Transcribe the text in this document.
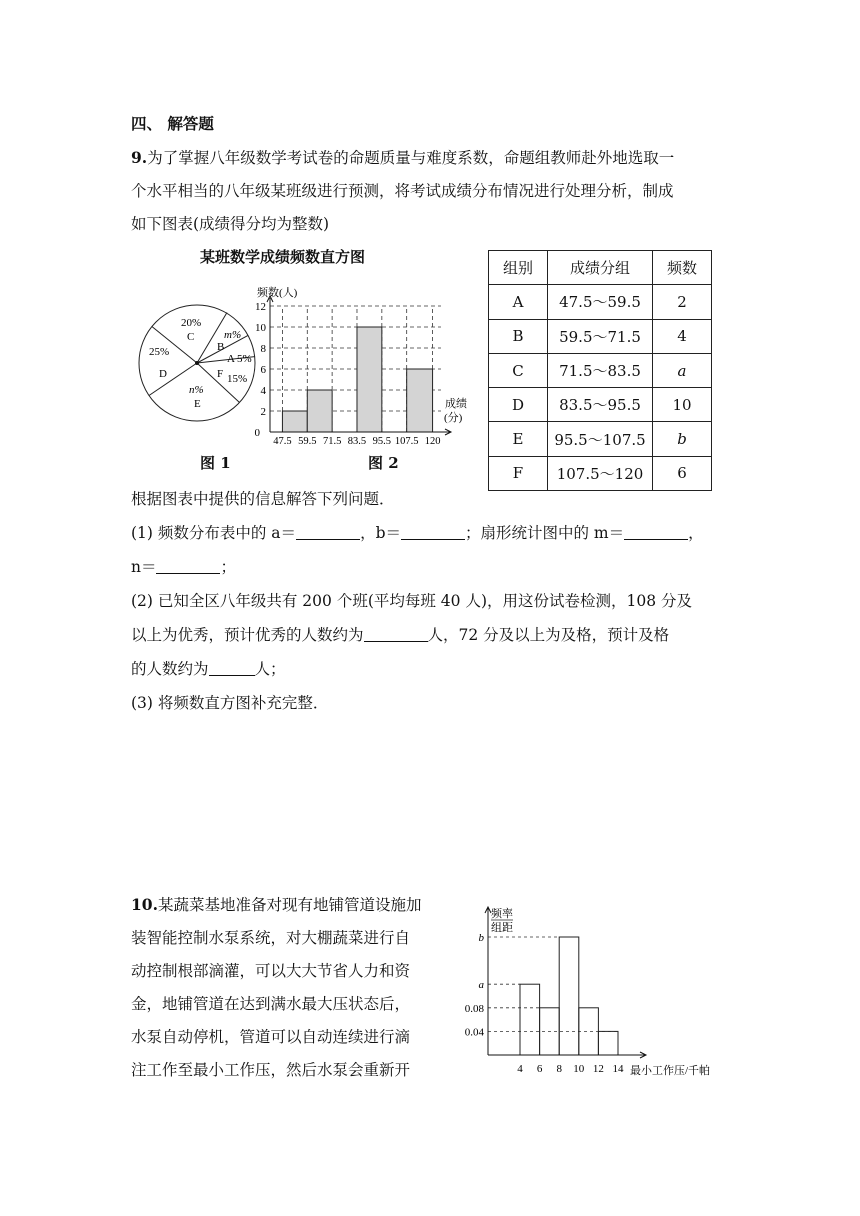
四、 解答题
9.为了掌握八年级数学考试卷的命题质量与难度系数，命题组教师赴外地选取一
个水平相当的八年级某班级进行预测，将考试成绩分布情况进行处理分析，制成
如下图表(成绩得分均为整数)
某班数学成绩频数直方图
20%
C	m%
B
A 5%
25%
D	F 15%
n%
E
频数(人)
0
2
4
6
8
10
12
47.5 59.5 71.5 83.5 95.5 107.5 120
成绩
(分)
图 1	图 2
组别	成绩分组	频数
A	47.5～59.5	2
B	59.5～71.5	4
C	71.5～83.5	a
D	83.5～95.5	10
E	95.5～107.5	b
F	107.5～120	6
根据图表中提供的信息解答下列问题．
(1) 频数分布表中的 a＝	，b＝	；扇形统计图中的 m＝	，
n＝	；
(2) 已知全区八年级共有 200 个班(平均每班 40 人)，用这份试卷检测，108 分及
以上为优秀，预计优秀的人数约为	人，72 分及以上为及格，预计及格
的人数约为	人；
(3) 将频数直方图补充完整．
10.某蔬菜基地准备对现有地铺管道设施加
装智能控制水泵系统，对大棚蔬菜进行自
动控制根部滴灌，可以大大节省人力和资
金，地铺管道在达到满水最大压状态后，
水泵自动停机，管道可以自动连续进行滴
注工作至最小工作压，然后水泵会重新开
频率
组距
b
a
0.08
0.04
4 6 8 10 12 14 最小工作压/千帕
